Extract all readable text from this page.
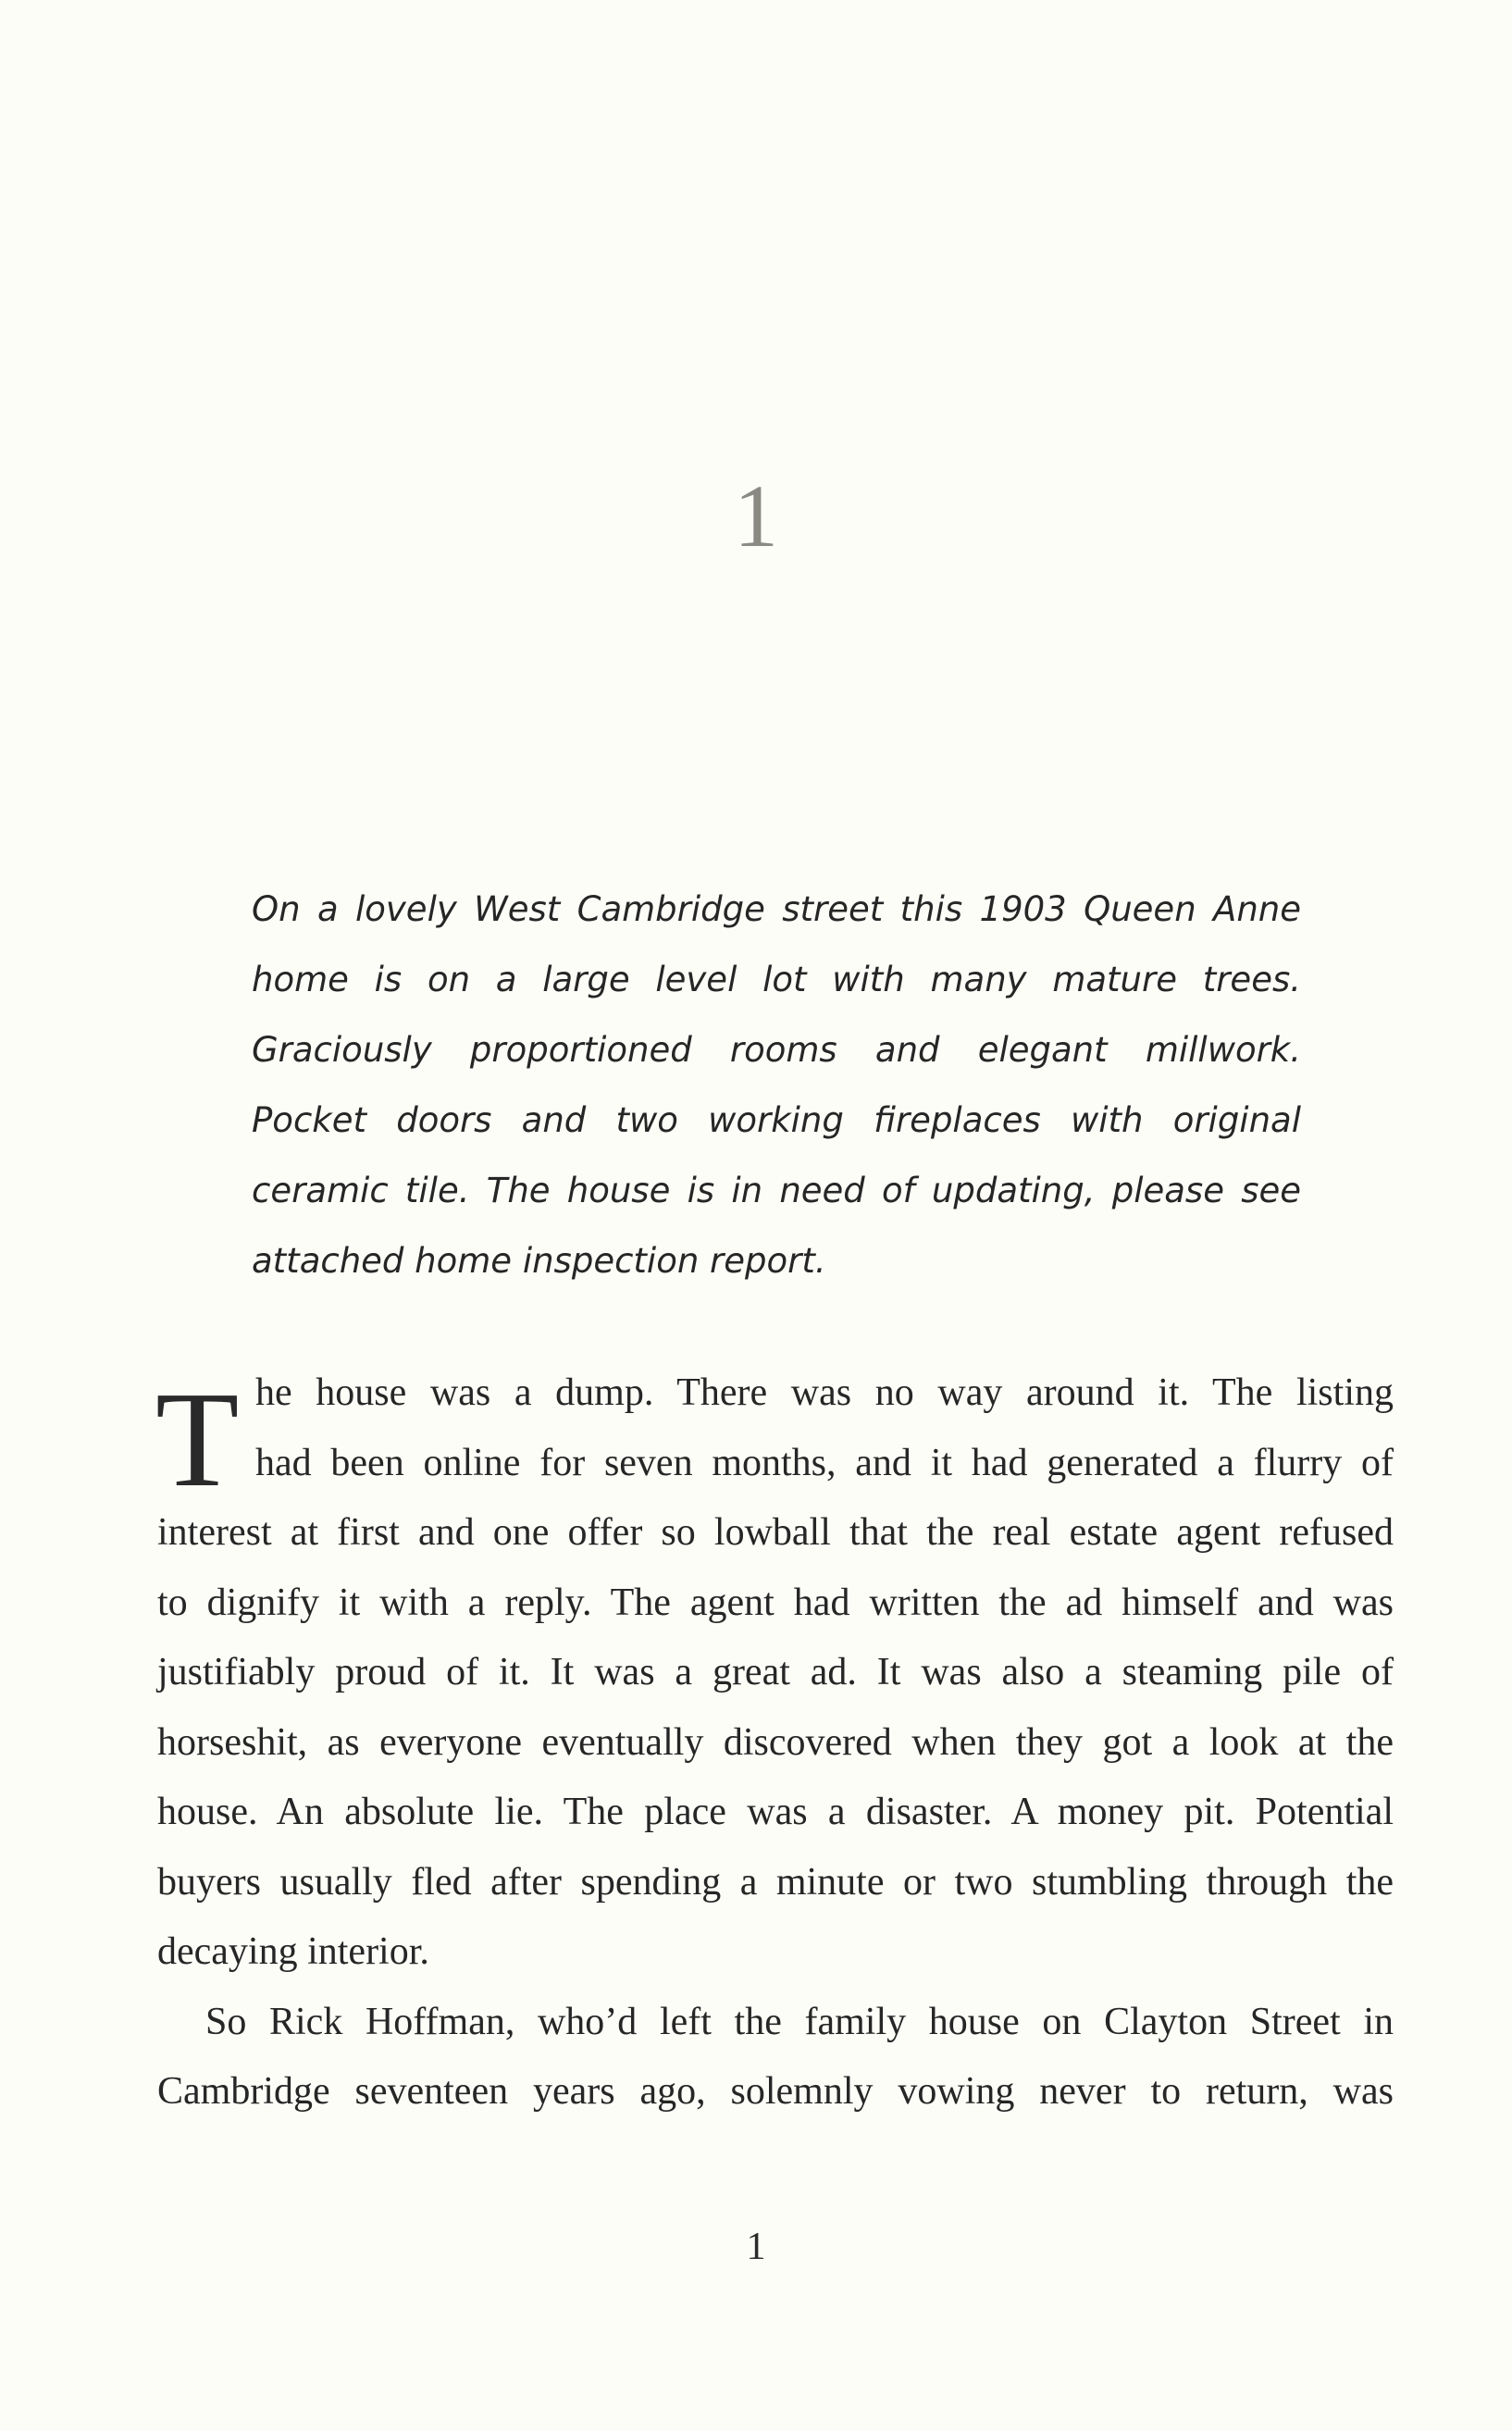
1
On a lovely West Cambridge street this 1903 Queen Anne
home is on a large level lot with many mature trees.
Graciously proportioned rooms and elegant millwork.
Pocket doors and two working fireplaces with original
ceramic tile. The house is in need of updating, please see
attached home inspection report.
T he house was a dump. There was no way around it. The listing
had been online for seven months, and it had generated a flurry of
interest at first and one offer so lowball that the real estate agent refused
to dignify it with a reply. The agent had written the ad himself and was
justifiably proud of it. It was a great ad. It was also a steaming pile of
horseshit, as everyone eventually discovered when they got a look at the
house. An absolute lie. The place was a disaster. A money pit. Potential
buyers usually fled after spending a minute or two stumbling through the
decaying interior.
So Rick Hoffman, who’d left the family house on Clayton Street in
Cambridge seventeen years ago, solemnly vowing never to return, was
1
